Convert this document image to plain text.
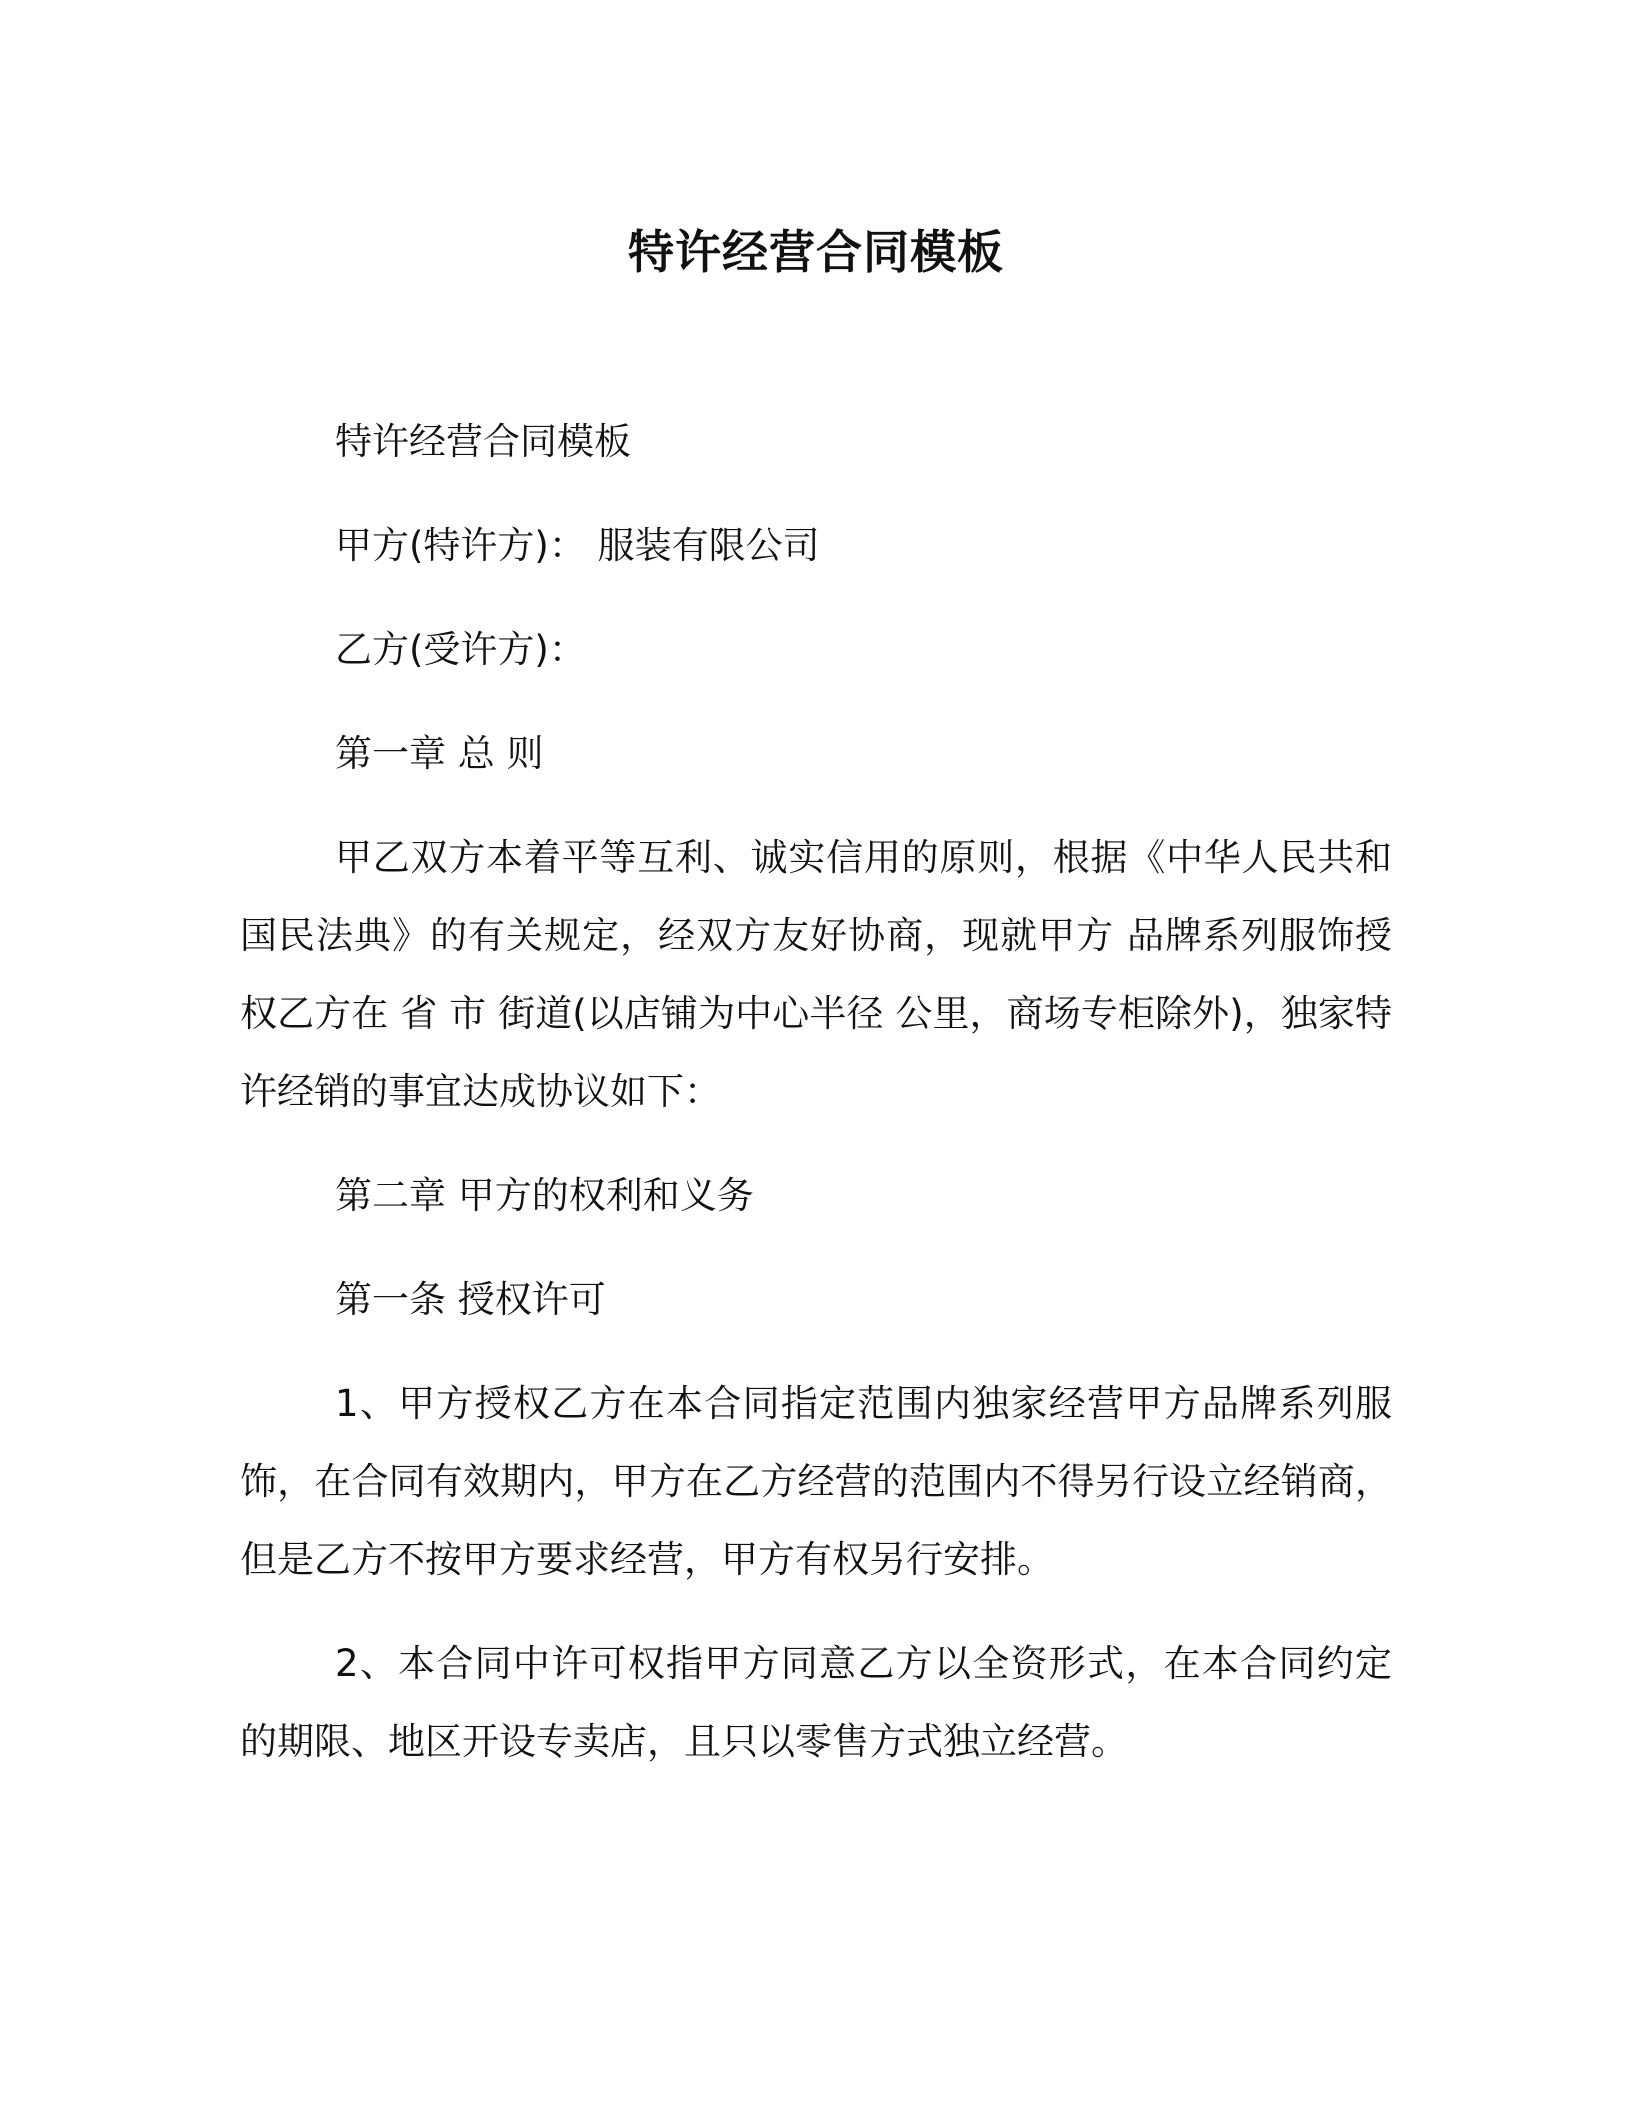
特许经营合同模板

特许经营合同模板

甲方(特许方)： 服装有限公司

乙方(受许方)：

第一章 总 则

甲乙双方本着平等互利、诚实信用的原则，根据《中华人民共和国民法典》的有关规定，经双方友好协商，现就甲方 品牌系列服饰授权乙方在 省 市 街道(以店铺为中心半径 公里，商场专柜除外)，独家特许经销的事宜达成协议如下：

第二章 甲方的权利和义务

第一条 授权许可

1、甲方授权乙方在本合同指定范围内独家经营甲方品牌系列服饰，在合同有效期内，甲方在乙方经营的范围内不得另行设立经销商，但是乙方不按甲方要求经营，甲方有权另行安排。

2、本合同中许可权指甲方同意乙方以全资形式，在本合同约定的期限、地区开设专卖店，且只以零售方式独立经营。
